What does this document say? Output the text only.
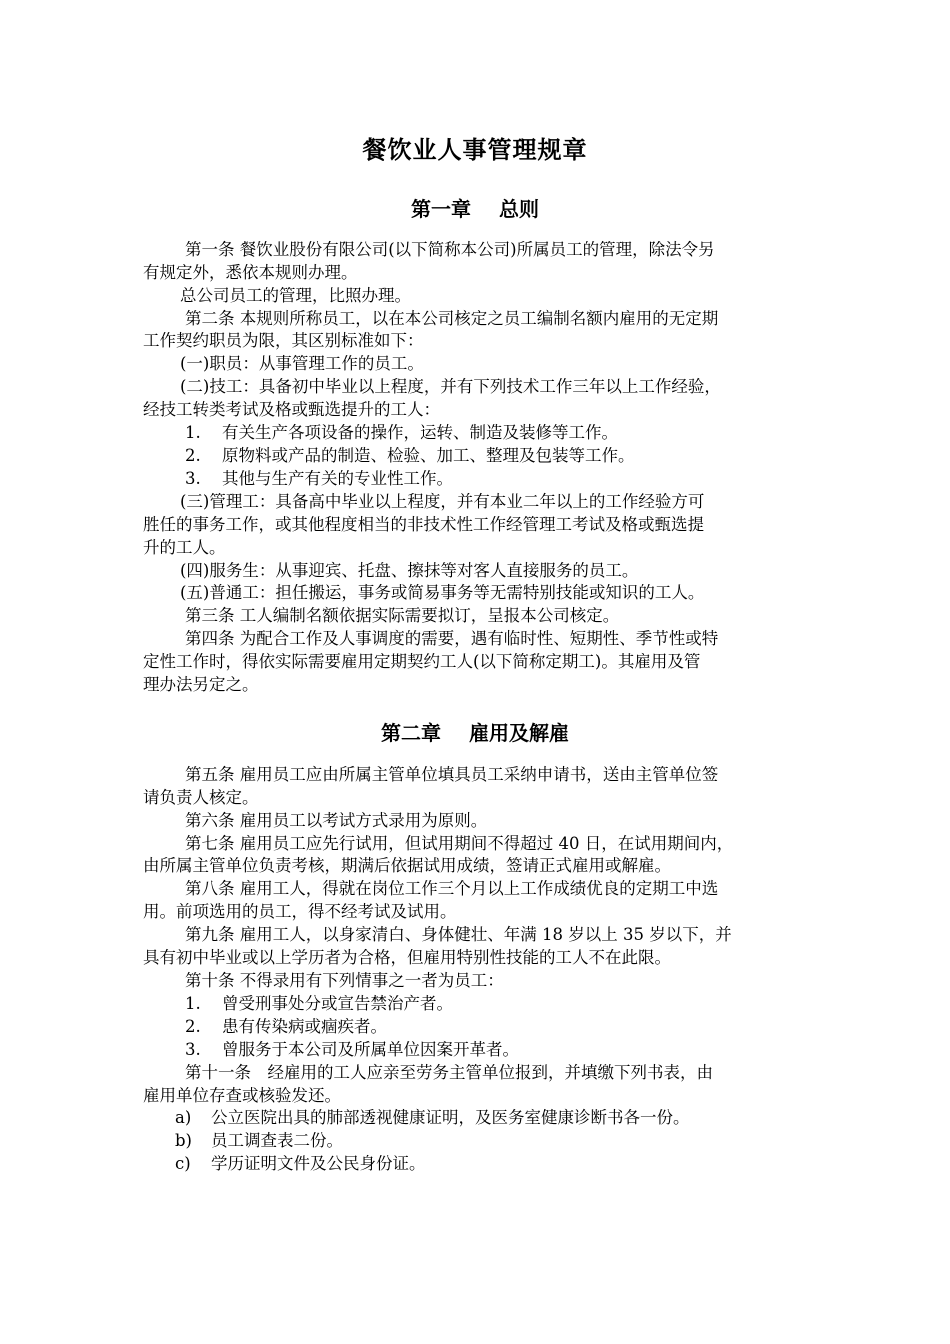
餐饮业人事管理规章
第一章 总则
第一条 餐饮业股份有限公司(以下简称本公司)所属员工的管理，除法令另
有规定外，悉依本规则办理。
总公司员工的管理，比照办理。
第二条 本规则所称员工，以在本公司核定之员工编制名额内雇用的无定期
工作契约职员为限，其区别标准如下：
(一)职员：从事管理工作的员工。
(二)技工：具备初中毕业以上程度，并有下列技术工作三年以上工作经验，
经技工转类考试及格或甄选提升的工人：
1. 有关生产各项设备的操作，运转、制造及装修等工作。
2. 原物料或产品的制造、检验、加工、整理及包装等工作。
3. 其他与生产有关的专业性工作。
(三)管理工：具备高中毕业以上程度，并有本业二年以上的工作经验方可
胜任的事务工作，或其他程度相当的非技术性工作经管理工考试及格或甄选提
升的工人。
(四)服务生：从事迎宾、托盘、擦抹等对客人直接服务的员工。
(五)普通工：担任搬运，事务或简易事务等无需特别技能或知识的工人。
第三条 工人编制名额依据实际需要拟订，呈报本公司核定。
第四条 为配合工作及人事调度的需要，遇有临时性、短期性、季节性或特
定性工作时，得依实际需要雇用定期契约工人(以下简称定期工)。其雇用及管
理办法另定之。
第二章 雇用及解雇
第五条 雇用员工应由所属主管单位填具员工采纳申请书，送由主管单位签
请负责人核定。
第六条 雇用员工以考试方式录用为原则。
第七条 雇用员工应先行试用，但试用期间不得超过 40 日，在试用期间内，
由所属主管单位负责考核，期满后依据试用成绩，签请正式雇用或解雇。
第八条 雇用工人，得就在岗位工作三个月以上工作成绩优良的定期工中选
用。前项选用的员工，得不经考试及试用。
第九条 雇用工人，以身家清白、身体健壮、年满 18 岁以上 35 岁以下，并
具有初中毕业或以上学历者为合格，但雇用特别性技能的工人不在此限。
第十条 不得录用有下列情事之一者为员工：
1. 曾受刑事处分或宣告禁治产者。
2. 患有传染病或痼疾者。
3. 曾服务于本公司及所属单位因案开革者。
第十一条　经雇用的工人应亲至劳务主管单位报到，并填缴下列书表，由
雇用单位存查或核验发还。
a) 公立医院出具的肺部透视健康证明，及医务室健康诊断书各一份。
b) 员工调查表二份。
c) 学历证明文件及公民身份证。
